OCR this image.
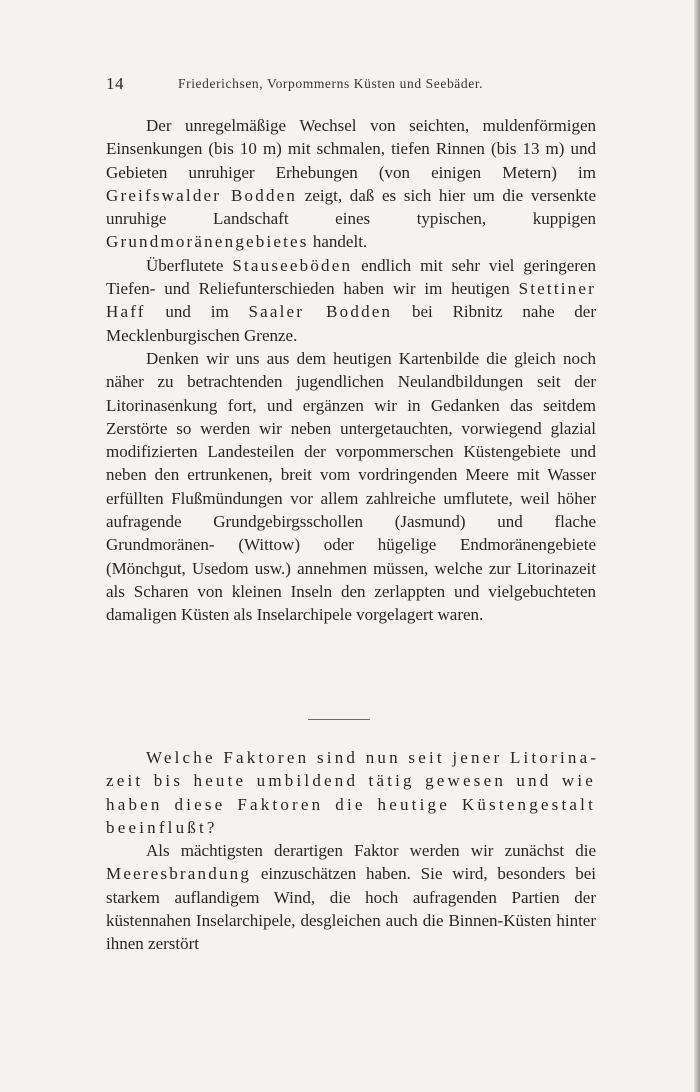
14	Friederichsen, Vorpommerns Küsten und Seebäder.

Der unregelmäßige Wechsel von seichten, muldenförmigen Einsenkungen (bis 10 m) mit schmalen, tiefen Rinnen (bis 13 m) und Gebieten unruhiger Erhebungen (von einigen Metern) im Greifswalder Bodden zeigt, daß es sich hier um die versenkte unruhige Landschaft eines typischen, kuppigen Grundmoränengebietes handelt.

Überflutete Stauseeböden endlich mit sehr viel geringeren Tiefen- und Reliefunterschieden haben wir im heutigen Stettiner Haff und im Saaler Bodden bei Ribnitz nahe der Mecklenburgischen Grenze.

Denken wir uns aus dem heutigen Kartenbilde die gleich noch näher zu betrachtenden jugendlichen Neulandbildungen seit der Litorinasenkung fort, und ergänzen wir in Gedanken das seitdem Zerstörte so werden wir neben untergetauchten, vorwiegend glazial modifizierten Landesteilen der vorpommerschen Küstengebiete und neben den ertrunkenen, breit vom vordringenden Meere mit Wasser erfüllten Flußmündungen vor allem zahlreiche umflutete, weil höher aufragende Grundgebirgsschollen (Jasmund) und flache Grundmoränen- (Wittow) oder hügelige Endmoränengebiete (Mönchgut, Usedom usw.) annehmen müssen, welche zur Litorinazeit als Scharen von kleinen Inseln den zerlappten und vielgebuchteten damaligen Küsten als Inselarchipele vorgelagert waren.

Welche Faktoren sind nun seit jener Litorinazeit bis heute umbildend tätig gewesen und wie haben diese Faktoren die heutige Küstengestalt beeinflußt?

Als mächtigsten derartigen Faktor werden wir zunächst die Meeresbrandung einzuschätzen haben. Sie wird, besonders bei starkem auflandigem Wind, die hoch aufragenden Partien der küstennahen Inselarchipele, desgleichen auch die Binnen-Küsten hinter ihnen zerstört
